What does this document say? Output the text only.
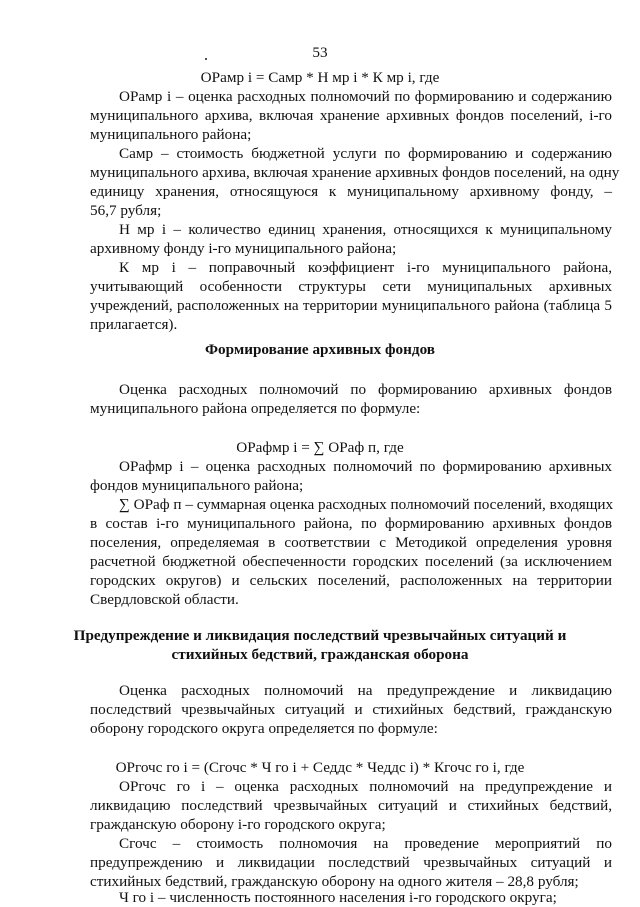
53
ОРамр i = Самр * Н мр i * К мр i, где
ОРамр i – оценка расходных полномочий по формированию и содержанию
муниципального архива, включая хранение архивных фондов поселений, i-го
муниципального района;
Самр – стоимость бюджетной услуги по формированию и содержанию
муниципального архива, включая хранение архивных фондов поселений, на одну
единицу хранения, относящуюся к муниципальному архивному фонду, –
56,7 рубля;
Н мр i – количество единиц хранения, относящихся к муниципальному
архивному фонду i-го муниципального района;
К мр i – поправочный коэффициент i-го муниципального района,
учитывающий особенности структуры сети муниципальных архивных
учреждений, расположенных на территории муниципального района (таблица 5
прилагается).
Формирование архивных фондов
Оценка расходных полномочий по формированию архивных фондов
муниципального района определяется по формуле:
ОРафмр i = ∑ ОРаф п, где
ОРафмр i – оценка расходных полномочий по формированию архивных
фондов муниципального района;
∑ ОРаф п – суммарная оценка расходных полномочий поселений, входящих
в состав i-го муниципального района, по формированию архивных фондов
поселения, определяемая в соответствии с Методикой определения уровня
расчетной бюджетной обеспеченности городских поселений (за исключением
городских округов) и сельских поселений, расположенных на территории
Свердловской области.
Предупреждение и ликвидация последствий чрезвычайных ситуаций и
стихийных бедствий, гражданская оборона
Оценка расходных полномочий на предупреждение и ликвидацию
последствий чрезвычайных ситуаций и стихийных бедствий, гражданскую
оборону городского округа определяется по формуле:
ОРгочс го i = (Сгочс * Ч го i + Седдс * Чеддс i) * Кгочс го i, где
ОРгочс го i – оценка расходных полномочий на предупреждение и
ликвидацию последствий чрезвычайных ситуаций и стихийных бедствий,
гражданскую оборону i-го городского округа;
Сгочс – стоимость полномочия на проведение мероприятий по
предупреждению и ликвидации последствий чрезвычайных ситуаций и
стихийных бедствий, гражданскую оборону на одного жителя – 28,8 рубля;
Ч го i – численность постоянного населения i-го городского округа;
